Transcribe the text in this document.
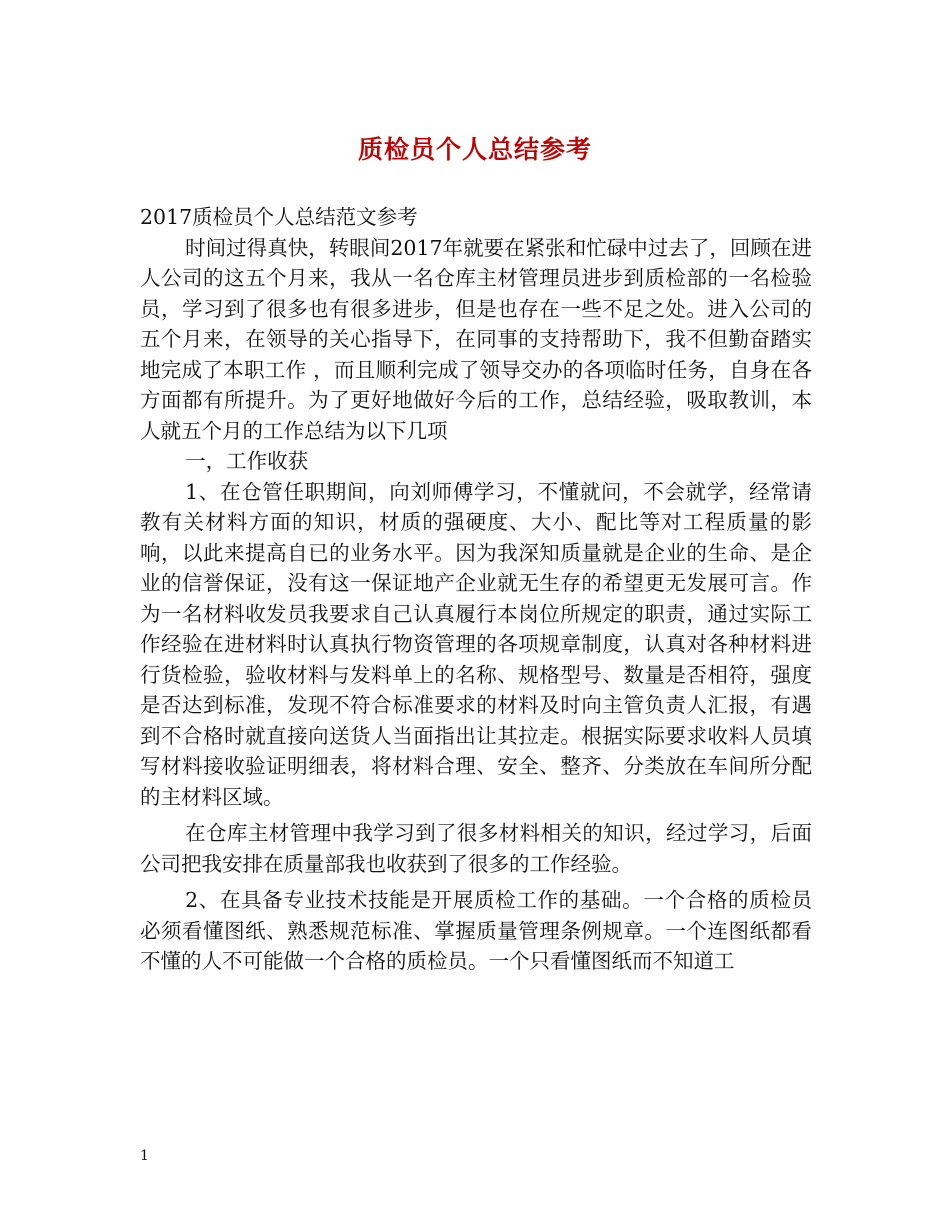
质检员个人总结参考

2017质检员个人总结范文参考

时间过得真快，转眼间2017年就要在紧张和忙碌中过去了，回顾在进人公司的这五个月来，我从一名仓库主材管理员进步到质检部的一名检验员，学习到了很多也有很多进步，但是也存在一些不足之处。进入公司的五个月来，在领导的关心指导下，在同事的支持帮助下，我不但勤奋踏实地完成了本职工作 ，而且顺利完成了领导交办的各项临时任务，自身在各方面都有所提升。为了更好地做好今后的工作，总结经验，吸取教训，本人就五个月的工作总结为以下几项

一，工作收获

1、在仓管任职期间，向刘师傅学习，不懂就问，不会就学，经常请教有关材料方面的知识，材质的强硬度、大小、配比等对工程质量的影响，以此来提高自已的业务水平。因为我深知质量就是企业的生命、是企业的信誉保证，没有这一保证地产企业就无生存的希望更无发展可言。作为一名材料收发员我要求自己认真履行本岗位所规定的职责，通过实际工作经验在进材料时认真执行物资管理的各项规章制度，认真对各种材料进行货检验，验收材料与发料单上的名称、规格型号、数量是否相符，强度是否达到标准，发现不符合标准要求的材料及时向主管负责人汇报，有遇到不合格时就直接向送货人当面指出让其拉走。根据实际要求收料人员填写材料接收验证明细表，将材料合理、安全、整齐、分类放在车间所分配的主材料区域。

在仓库主材管理中我学习到了很多材料相关的知识，经过学习，后面公司把我安排在质量部我也收获到了很多的工作经验。

2、在具备专业技术技能是开展质检工作的基础。一个合格的质检员必须看懂图纸、熟悉规范标准、掌握质量管理条例规章。一个连图纸都看不懂的人不可能做一个合格的质检员。一个只看懂图纸而不知道工

1
